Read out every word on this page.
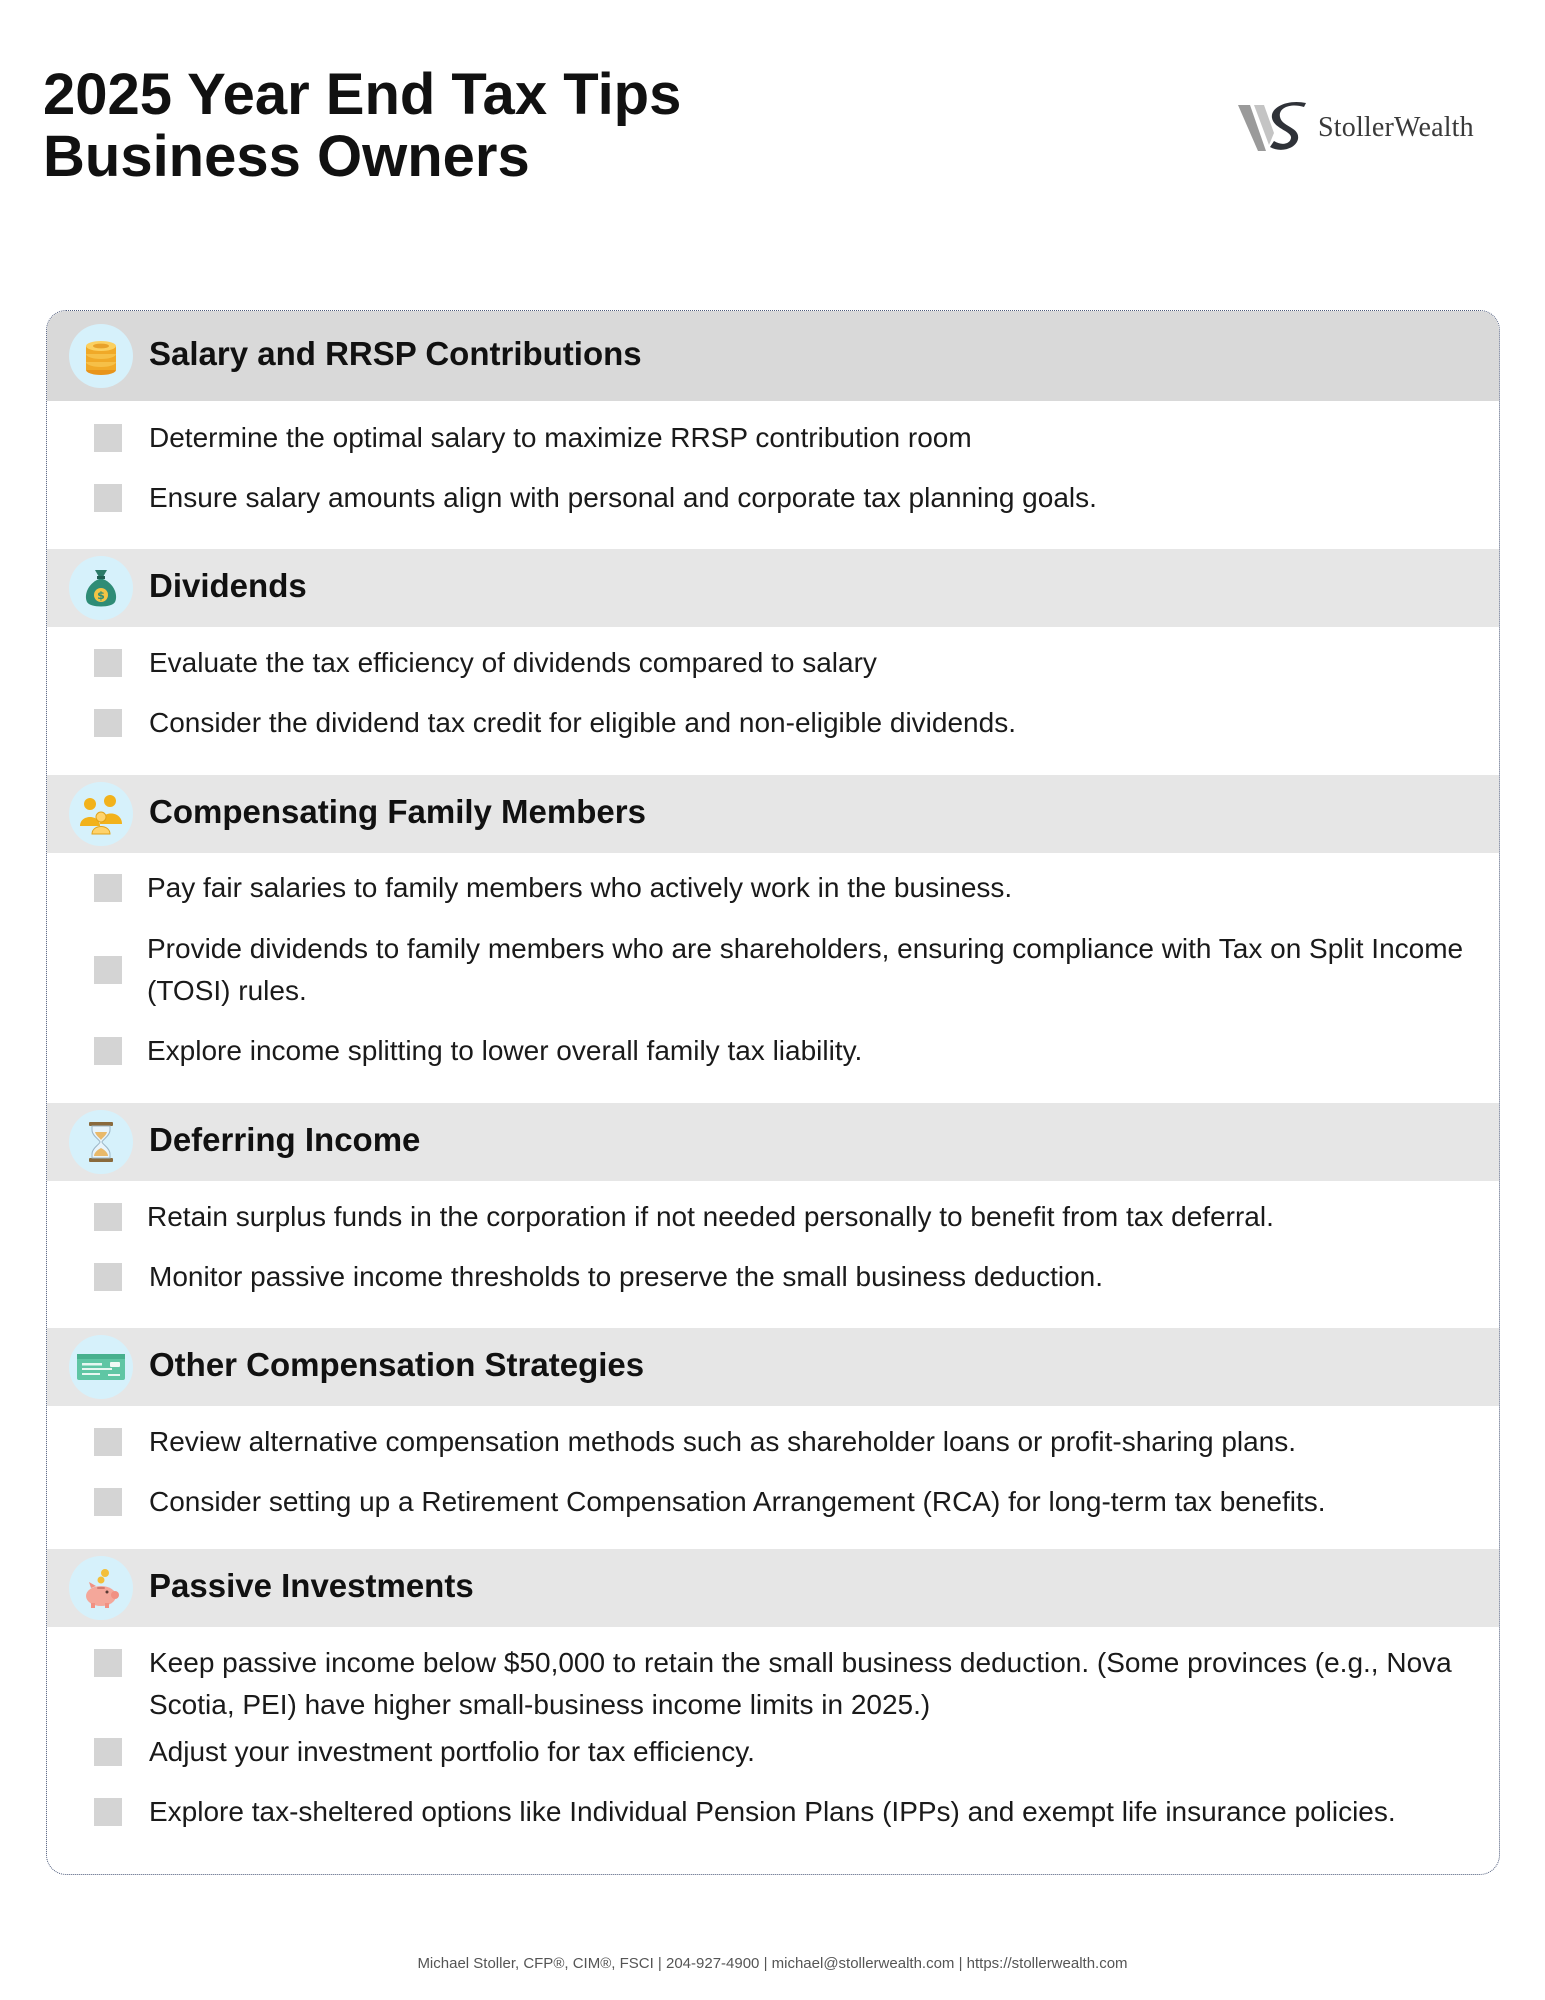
2025 Year End Tax Tips
Business Owners	StollerWealth
Salary and RRSP Contributions
Determine the optimal salary to maximize RRSP contribution room
Ensure salary amounts align with personal and corporate tax planning goals.
$ Dividends
Evaluate the tax efficiency of dividends compared to salary
Consider the dividend tax credit for eligible and non-eligible dividends.
Compensating Family Members
Pay fair salaries to family members who actively work in the business.
Provide dividends to family members who are shareholders, ensuring compliance with Tax on Split Income (TOSI) rules.
Explore income splitting to lower overall family tax liability.
Deferring Income
Retain surplus funds in the corporation if not needed personally to benefit from tax deferral.
Monitor passive income thresholds to preserve the small business deduction.
Other Compensation Strategies
Review alternative compensation methods such as shareholder loans or profit-sharing plans.
Consider setting up a Retirement Compensation Arrangement (RCA) for long-term tax benefits.
Passive Investments
Keep passive income below $50,000 to retain the small business deduction. (Some provinces (e.g., Nova Scotia, PEI) have higher small-business income limits in 2025.)
Adjust your investment portfolio for tax efficiency.
Explore tax-sheltered options like Individual Pension Plans (IPPs) and exempt life insurance policies.
Michael Stoller, CFP®, CIM®, FSCI | 204-927-4900 | michael@stollerwealth.com | https://stollerwealth.com
